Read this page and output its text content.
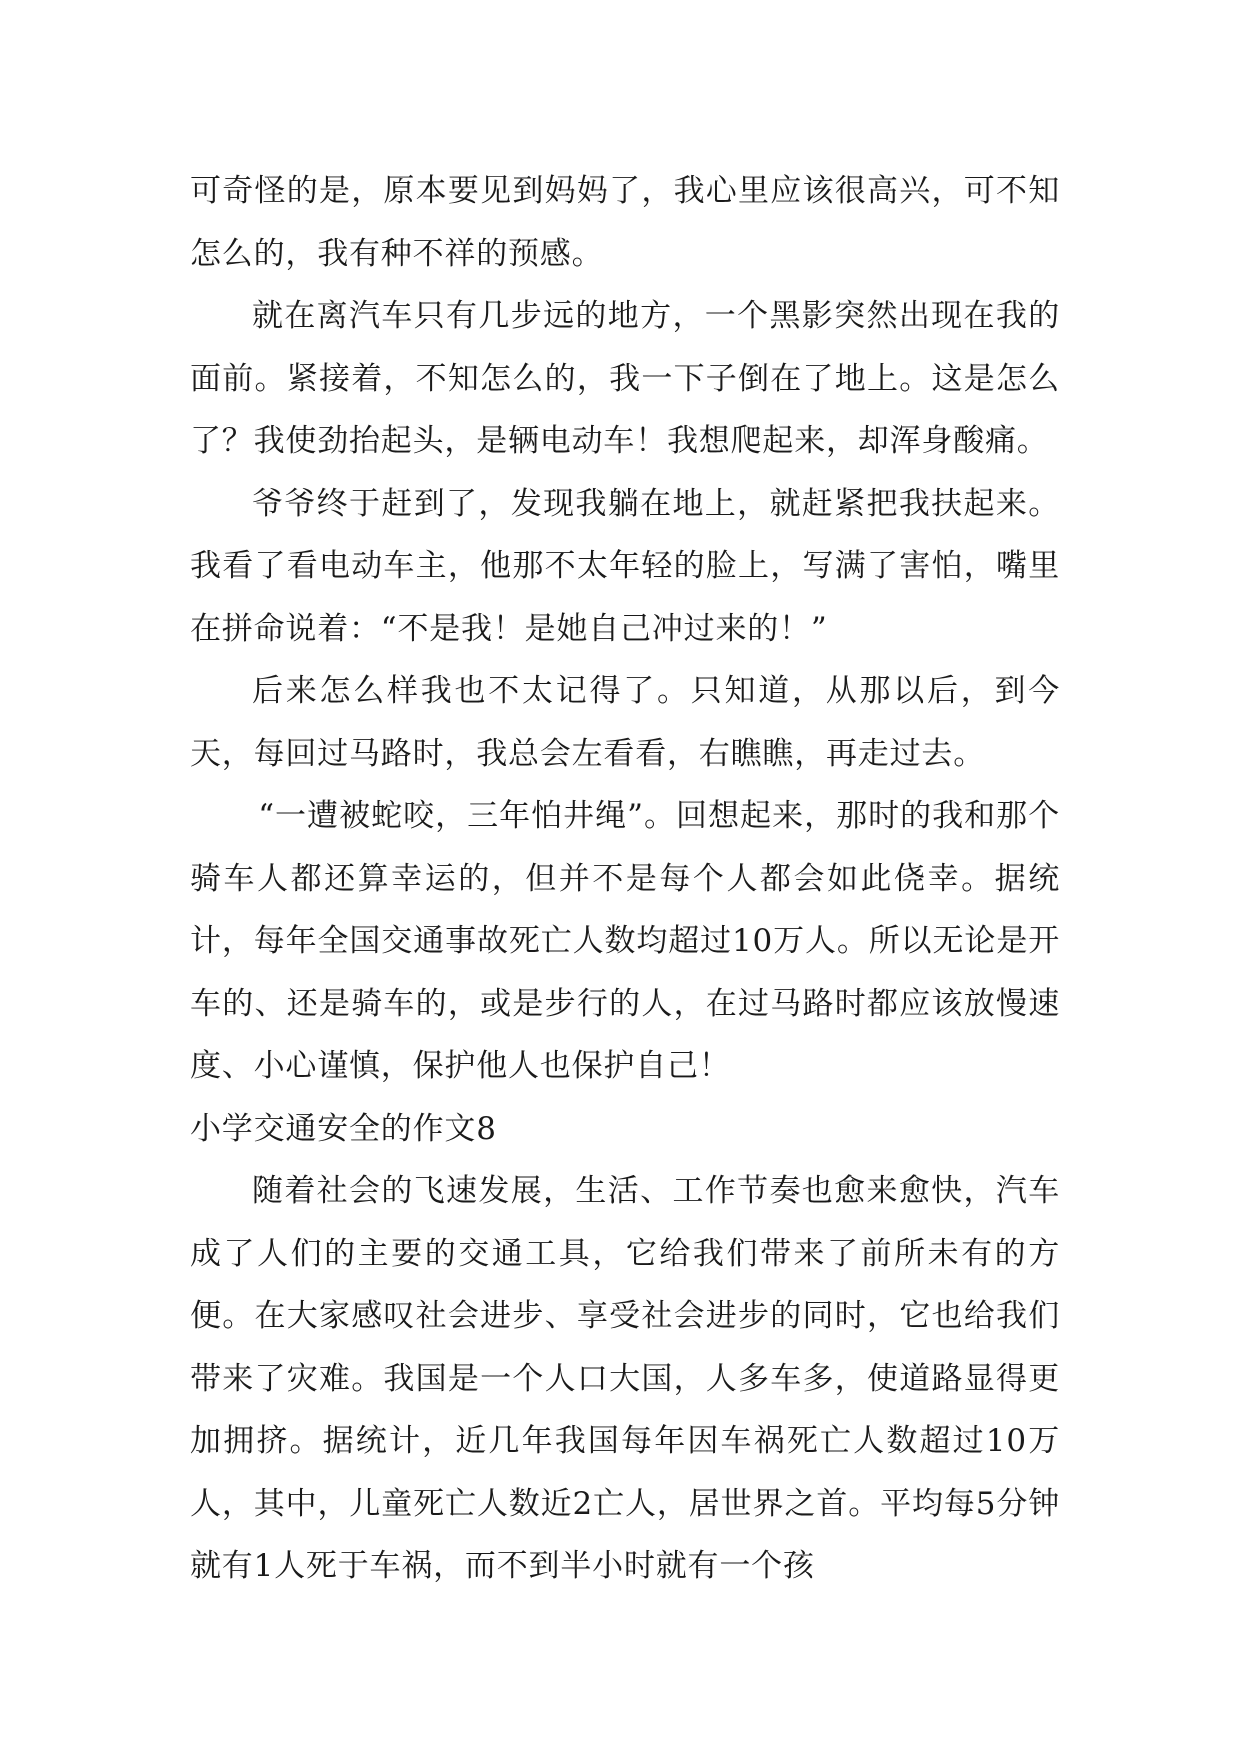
可奇怪的是，原本要见到妈妈了，我心里应该很高兴，可不知怎么的，我有种不祥的预感。

就在离汽车只有几步远的地方，一个黑影突然出现在我的面前。紧接着，不知怎么的，我一下子倒在了地上。这是怎么了？我使劲抬起头，是辆电动车！我想爬起来，却浑身酸痛。

爷爷终于赶到了，发现我躺在地上，就赶紧把我扶起来。我看了看电动车主，他那不太年轻的脸上，写满了害怕，嘴里在拼命说着：“不是我！是她自己冲过来的！”

后来怎么样我也不太记得了。只知道，从那以后，到今天，每回过马路时，我总会左看看，右瞧瞧，再走过去。

“一遭被蛇咬，三年怕井绳”。回想起来，那时的我和那个骑车人都还算幸运的，但并不是每个人都会如此侥幸。据统计，每年全国交通事故死亡人数均超过10万人。所以无论是开车的、还是骑车的，或是步行的人，在过马路时都应该放慢速度、小心谨慎，保护他人也保护自己！

小学交通安全的作文8

随着社会的飞速发展，生活、工作节奏也愈来愈快，汽车成了人们的主要的交通工具，它给我们带来了前所未有的方便。在大家感叹社会进步、享受社会进步的同时，它也给我们带来了灾难。我国是一个人口大国，人多车多，使道路显得更加拥挤。据统计，近几年我国每年因车祸死亡人数超过10万人，其中，儿童死亡人数近2亡人，居世界之首。平均每5分钟就有1人死于车祸，而不到半小时就有一个孩
